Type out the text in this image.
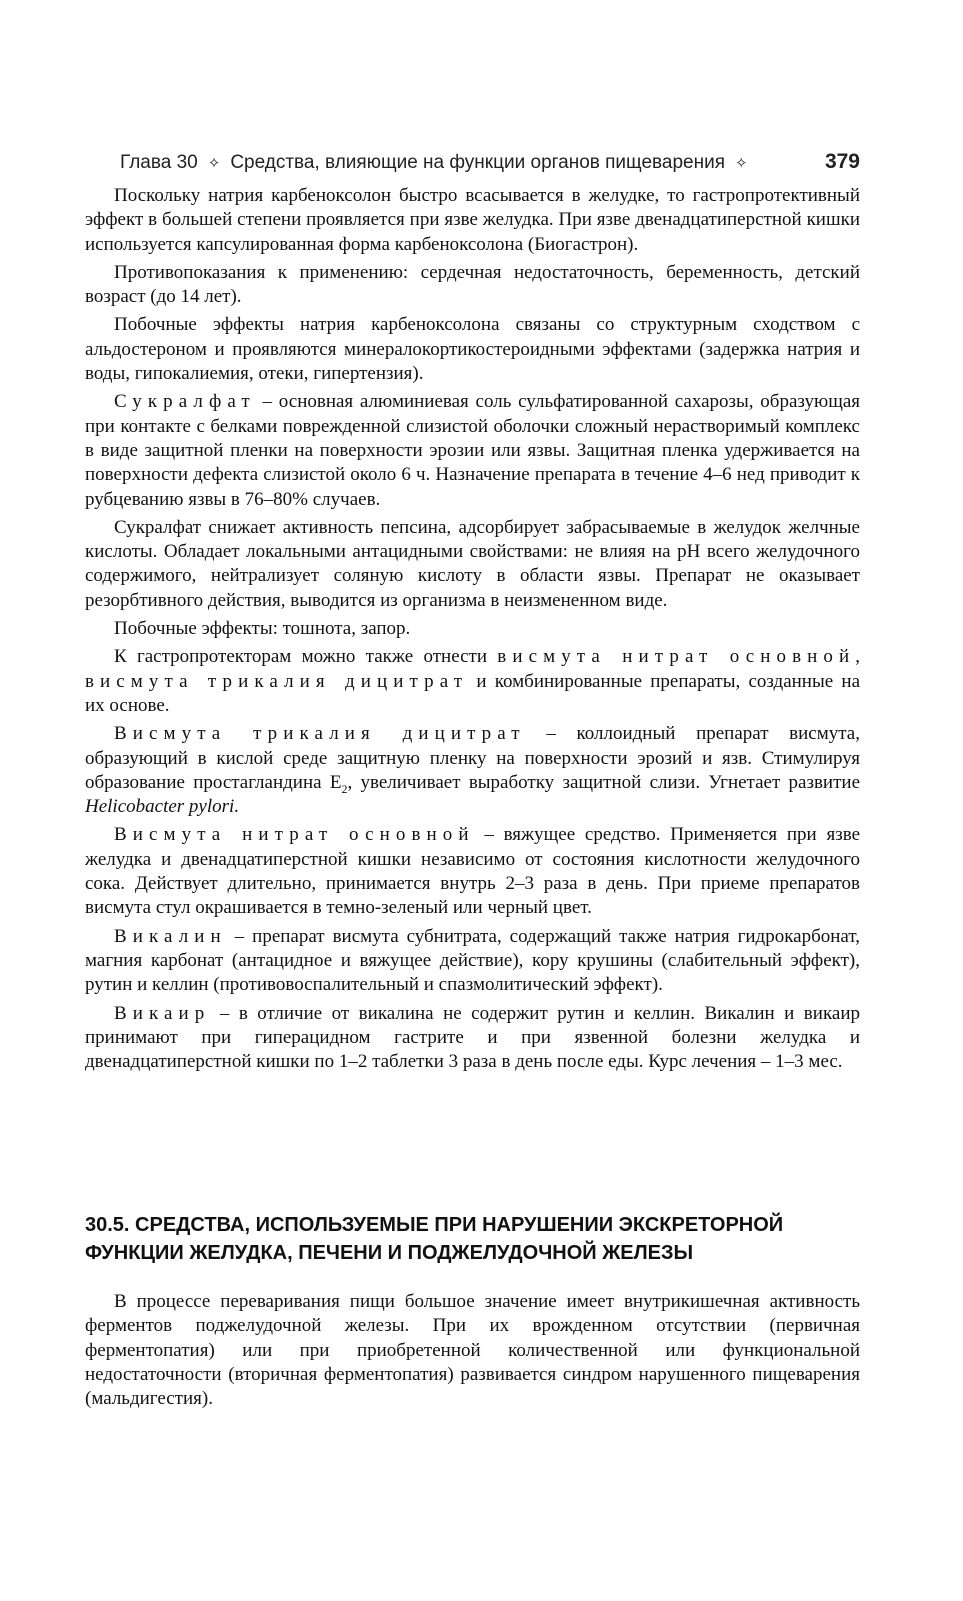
Глава 30 ✧ Средства, влияющие на функции органов пищеварения ✧	379

Поскольку натрия карбеноксолон быстро всасывается в желудке, то гастропротективный эффект в большей степени проявляется при язве желудка. При язве двенадцатиперстной кишки используется капсулированная форма карбеноксолона (Биогастрон).

Противопоказания к применению: сердечная недостаточность, беременность, детский возраст (до 14 лет).

Побочные эффекты натрия карбеноксолона связаны со структурным сходством с альдостероном и проявляются минералокортикостероидными эффектами (задержка натрия и воды, гипокалиемия, отеки, гипертензия).

Сукралфат – основная алюминиевая соль сульфатированной сахарозы, образующая при контакте с белками поврежденной слизистой оболочки сложный нерастворимый комплекс в виде защитной пленки на поверхности эрозии или язвы. Защитная пленка удерживается на поверхности дефекта слизистой около 6 ч. Назначение препарата в течение 4–6 нед приводит к рубцеванию язвы в 76–80% случаев.

Сукралфат снижает активность пепсина, адсорбирует забрасываемые в желудок желчные кислоты. Обладает локальными антацидными свойствами: не влияя на pH всего желудочного содержимого, нейтрализует соляную кислоту в области язвы. Препарат не оказывает резорбтивного действия, выводится из организма в неизмененном виде.

Побочные эффекты: тошнота, запор.

К гастропротекторам можно также отнести висмута нитрат основной, висмута трикалия дицитрат и комбинированные препараты, созданные на их основе.

Висмута трикалия дицитрат – коллоидный препарат висмута, образующий в кислой среде защитную пленку на поверхности эрозий и язв. Стимулируя образование простагландина $E_2$, увеличивает выработку защитной слизи. Угнетает развитие Helicobacter pylori.

Висмута нитрат основной – вяжущее средство. Применяется при язве желудка и двенадцатиперстной кишки независимо от состояния кислотности желудочного сока. Действует длительно, принимается внутрь 2–3 раза в день. При приеме препаратов висмута стул окрашивается в темно-зеленый или черный цвет.

Викалин – препарат висмута субнитрата, содержащий также натрия гидрокарбонат, магния карбонат (антацидное и вяжущее действие), кору крушины (слабительный эффект), рутин и келлин (противовоспалительный и спазмолитический эффект).

Викаир – в отличие от викалина не содержит рутин и келлин. Викалин и викаир принимают при гиперацидном гастрите и при язвенной болезни желудка и двенадцатиперстной кишки по 1–2 таблетки 3 раза в день после еды. Курс лечения – 1–3 мес.

30.5. СРЕДСТВА, ИСПОЛЬЗУЕМЫЕ ПРИ НАРУШЕНИИ ЭКСКРЕТОРНОЙ
ФУНКЦИИ ЖЕЛУДКА, ПЕЧЕНИ И ПОДЖЕЛУДОЧНОЙ ЖЕЛЕЗЫ

В процессе переваривания пищи большое значение имеет внутрикишечная активность ферментов поджелудочной железы. При их врожденном отсутствии (первичная ферментопатия) или при приобретенной количественной или функциональной недостаточности (вторичная ферментопатия) развивается синдром нарушенного пищеварения (мальдигестия).
